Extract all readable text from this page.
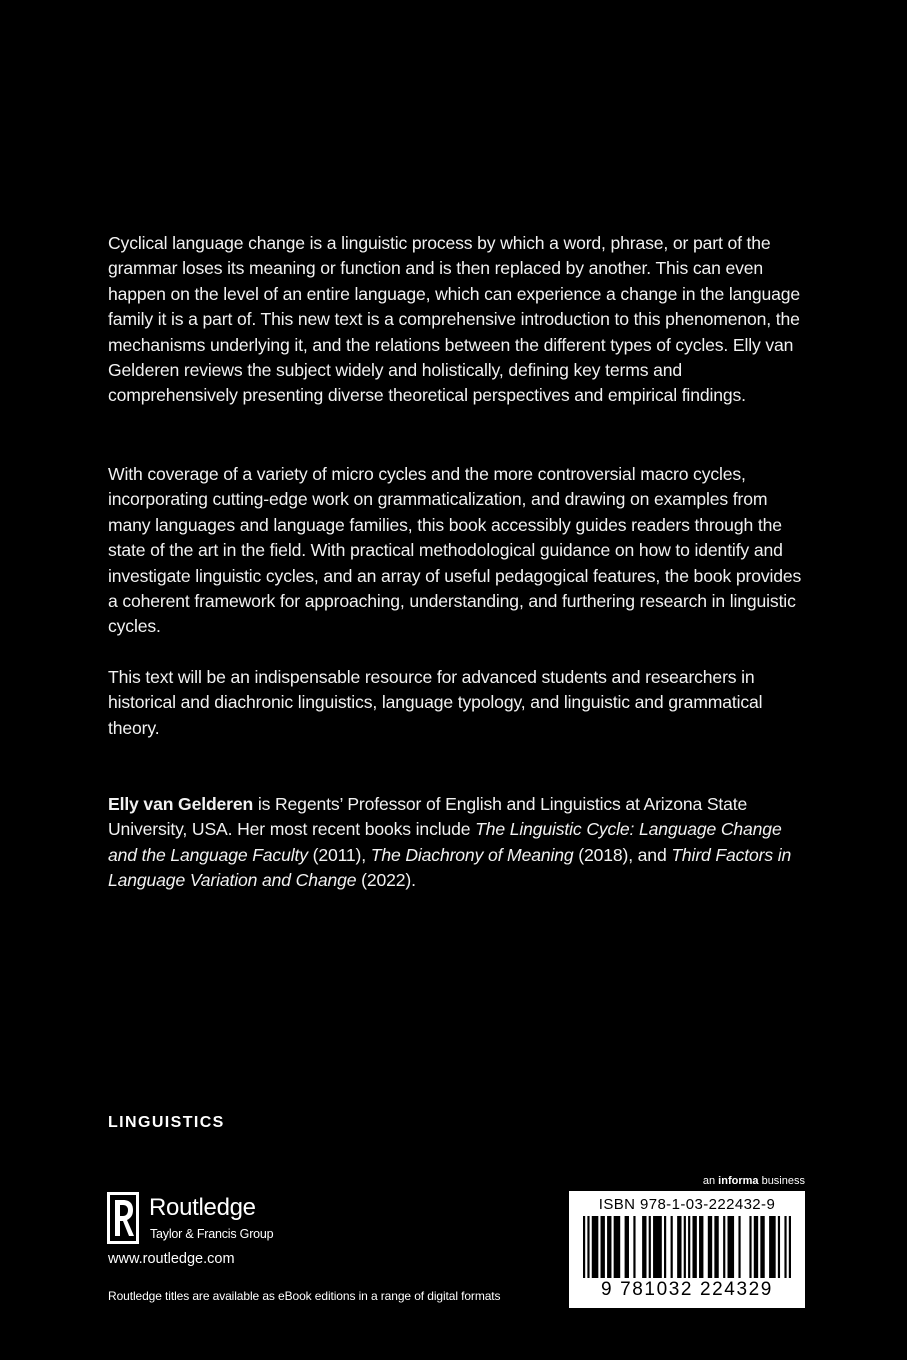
Cyclical language change is a linguistic process by which a word, phrase, or part of the grammar loses its meaning or function and is then replaced by another. This can even happen on the level of an entire language, which can experience a change in the language family it is a part of. This new text is a comprehensive introduction to this phenomenon, the mechanisms underlying it, and the relations between the different types of cycles. Elly van Gelderen reviews the subject widely and holistically, defining key terms and comprehensively presenting diverse theoretical perspectives and empirical findings.

With coverage of a variety of micro cycles and the more controversial macro cycles, incorporating cutting-edge work on grammaticalization, and drawing on examples from many languages and language families, this book accessibly guides readers through the state of the art in the field. With practical methodological guidance on how to identify and investigate linguistic cycles, and an array of useful pedagogical features, the book provides a coherent framework for approaching, understanding, and furthering research in linguistic cycles.

This text will be an indispensable resource for advanced students and researchers in historical and diachronic linguistics, language typology, and linguistic and grammatical theory.

Elly van Gelderen is Regents’ Professor of English and Linguistics at Arizona State University, USA. Her most recent books include The Linguistic Cycle: Language Change and the Language Faculty (2011), The Diachrony of Meaning (2018), and Third Factors in Language Variation and Change (2022).

LINGUISTICS
Routledge
Taylor & Francis Group
www.routledge.com
Routledge titles are available as eBook editions in a range of digital formats
an informa business
ISBN 978-1-03-222432-9
9 781032 224329
